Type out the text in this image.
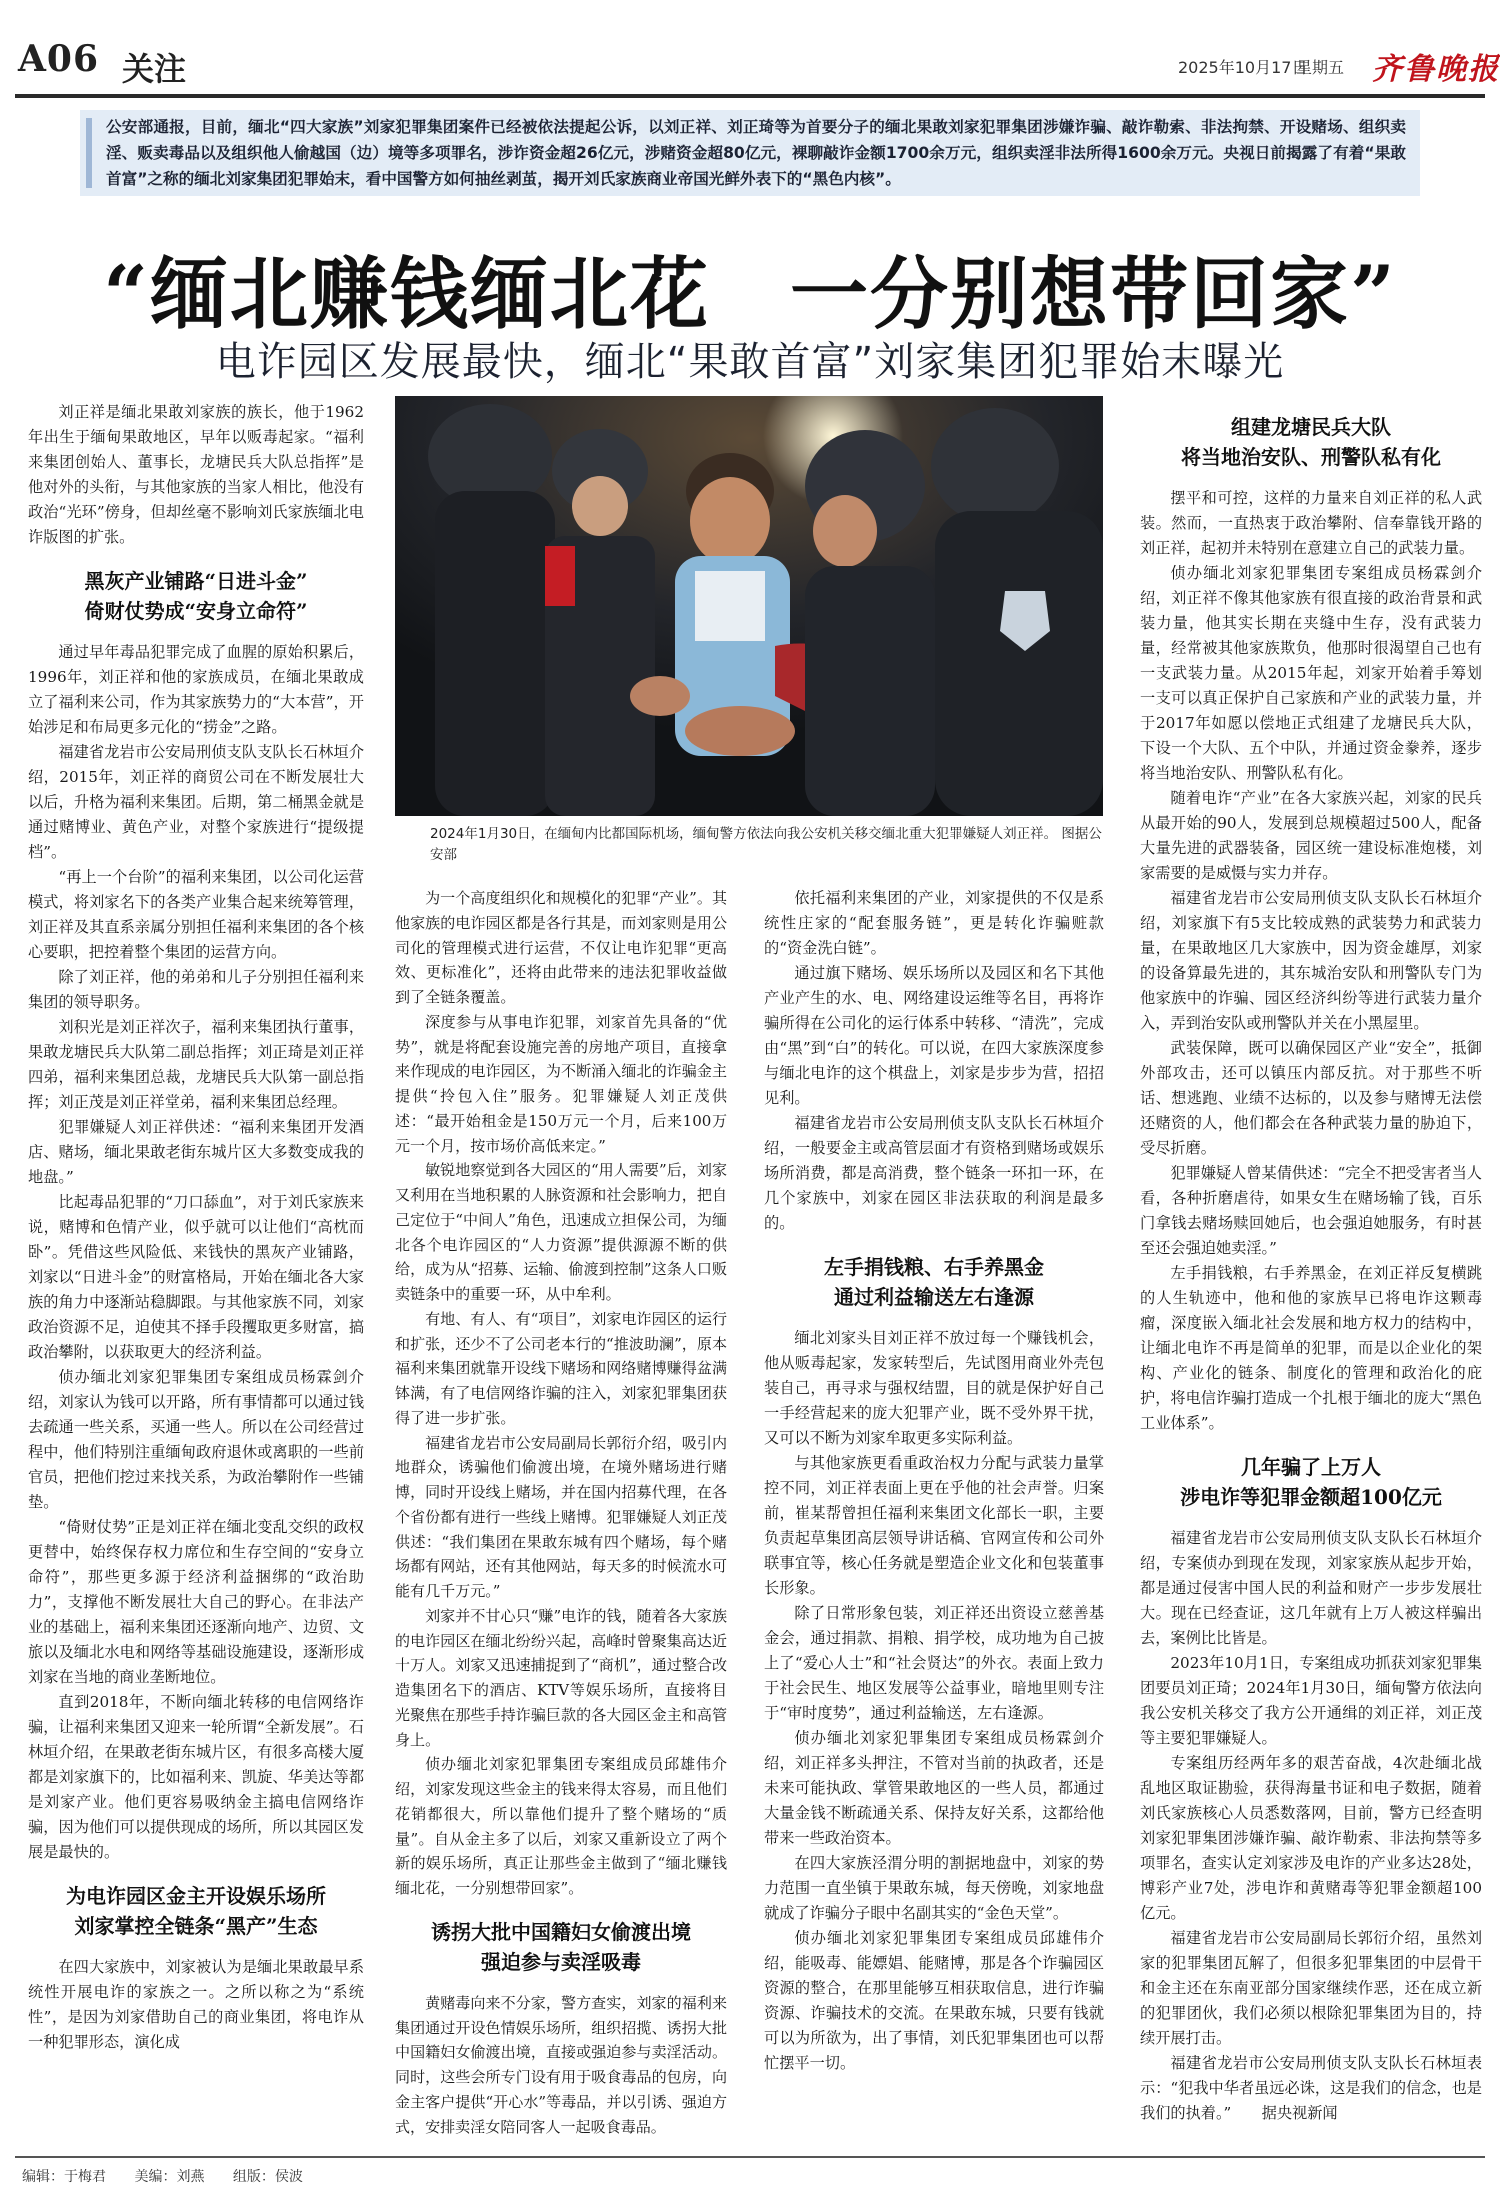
A06 关注	2025年10月17日
星期五 齐鲁晚报
公安部通报，目前，缅北“四大家族”刘家犯罪集团案件已经被依法提起公诉，以刘正祥、刘正琦等为首要分子的缅北果敢刘家犯罪集团涉嫌诈骗、敲诈勒索、非法拘禁、开设赌场、组织卖淫、贩卖毒品以及组织他人偷越国（边）境等多项罪名，涉诈资金超26亿元，涉赌资金超80亿元，裸聊敲诈金额1700余万元，组织卖淫非法所得1600余万元。央视日前揭露了有着“果敢首富”之称的缅北刘家集团犯罪始末，看中国警方如何抽丝剥茧，揭开刘氏家族商业帝国光鲜外表下的“黑色内核”。
“缅北赚钱缅北花　一分别想带回家”
电诈园区发展最快，缅北“果敢首富”刘家集团犯罪始末曝光
2024年1月30日，在缅甸内比都国际机场，缅甸警方依法向我公安机关移交缅北重大犯罪嫌疑人刘正祥。 图据公安部

刘正祥是缅北果敢刘家族的族长，他于1962年出生于缅甸果敢地区，早年以贩毒起家。“福利来集团创始人、董事长，龙塘民兵大队总指挥”是他对外的头衔，与其他家族的当家人相比，他没有政治“光环”傍身，但却丝毫不影响刘氏家族缅北电诈版图的扩张。

黑灰产业铺路“日进斗金”
倚财仗势成“安身立命符”

通过早年毒品犯罪完成了血腥的原始积累后，1996年，刘正祥和他的家族成员，在缅北果敢成立了福利来公司，作为其家族势力的“大本营”，开始涉足和布局更多元化的“捞金”之路。

福建省龙岩市公安局刑侦支队支队长石林垣介绍，2015年，刘正祥的商贸公司在不断发展壮大以后，升格为福利来集团。后期，第二桶黑金就是通过赌博业、黄色产业，对整个家族进行“提级提档”。

“再上一个台阶”的福利来集团，以公司化运营模式，将刘家名下的各类产业集合起来统筹管理，刘正祥及其直系亲属分别担任福利来集团的各个核心要职，把控着整个集团的运营方向。

除了刘正祥，他的弟弟和儿子分别担任福利来集团的领导职务。

刘积光是刘正祥次子，福利来集团执行董事，果敢龙塘民兵大队第二副总指挥；刘正琦是刘正祥四弟，福利来集团总裁，龙塘民兵大队第一副总指挥；刘正茂是刘正祥堂弟，福利来集团总经理。

犯罪嫌疑人刘正祥供述：“福利来集团开发酒店、赌场，缅北果敢老街东城片区大多数变成我的地盘。”

比起毒品犯罪的“刀口舔血”，对于刘氏家族来说，赌博和色情产业，似乎就可以让他们“高枕而卧”。凭借这些风险低、来钱快的黑灰产业铺路，刘家以“日进斗金”的财富格局，开始在缅北各大家族的角力中逐渐站稳脚跟。与其他家族不同，刘家政治资源不足，迫使其不择手段攫取更多财富，搞政治攀附，以获取更大的经济利益。

侦办缅北刘家犯罪集团专案组成员杨霖剑介绍，刘家认为钱可以开路，所有事情都可以通过钱去疏通一些关系，买通一些人。所以在公司经营过程中，他们特别注重缅甸政府退休或离职的一些前官员，把他们挖过来找关系，为政治攀附作一些铺垫。

“倚财仗势”正是刘正祥在缅北变乱交织的政权更替中，始终保存权力席位和生存空间的“安身立命符”，那些更多源于经济利益捆绑的“政治助力”，支撑他不断发展壮大自己的野心。在非法产业的基础上，福利来集团还逐渐向地产、边贸、文旅以及缅北水电和网络等基础设施建设，逐渐形成刘家在当地的商业垄断地位。

直到2018年，不断向缅北转移的电信网络诈骗，让福利来集团又迎来一轮所谓“全新发展”。石林垣介绍，在果敢老街东城片区，有很多高楼大厦都是刘家旗下的，比如福利来、凯旋、华美达等都是刘家产业。他们更容易吸纳金主搞电信网络诈骗，因为他们可以提供现成的场所，所以其园区发展是最快的。

为电诈园区金主开设娱乐场所
刘家掌控全链条“黑产”生态

在四大家族中，刘家被认为是缅北果敢最早系统性开展电诈的家族之一。之所以称之为“系统性”，是因为刘家借助自己的商业集团，将电诈从一种犯罪形态，演化成

为一个高度组织化和规模化的犯罪“产业”。其他家族的电诈园区都是各行其是，而刘家则是用公司化的管理模式进行运营，不仅让电诈犯罪“更高效、更标准化”，还将由此带来的违法犯罪收益做到了全链条覆盖。

深度参与从事电诈犯罪，刘家首先具备的“优势”，就是将配套设施完善的房地产项目，直接拿来作现成的电诈园区，为不断涌入缅北的诈骗金主提供“拎包入住”服务。犯罪嫌疑人刘正茂供述：“最开始租金是150万元一个月，后来100万元一个月，按市场价高低来定。”

敏锐地察觉到各大园区的“用人需要”后，刘家又利用在当地积累的人脉资源和社会影响力，把自己定位于“中间人”角色，迅速成立担保公司，为缅北各个电诈园区的“人力资源”提供源源不断的供给，成为从“招募、运输、偷渡到控制”这条人口贩卖链条中的重要一环，从中牟利。

有地、有人、有“项目”，刘家电诈园区的运行和扩张，还少不了公司老本行的“推波助澜”，原本福利来集团就靠开设线下赌场和网络赌博赚得盆满钵满，有了电信网络诈骗的注入，刘家犯罪集团获得了进一步扩张。

福建省龙岩市公安局副局长郭衍介绍，吸引内地群众，诱骗他们偷渡出境，在境外赌场进行赌博，同时开设线上赌场，并在国内招募代理，在各个省份都有进行一些线上赌博。犯罪嫌疑人刘正茂供述：“我们集团在果敢东城有四个赌场，每个赌场都有网站，还有其他网站，每天多的时候流水可能有几千万元。”

刘家并不甘心只“赚”电诈的钱，随着各大家族的电诈园区在缅北纷纷兴起，高峰时曾聚集高达近十万人。刘家又迅速捕捉到了“商机”，通过整合改造集团名下的酒店、KTV等娱乐场所，直接将目光聚焦在那些手持诈骗巨款的各大园区金主和高管身上。

侦办缅北刘家犯罪集团专案组成员邱雄伟介绍，刘家发现这些金主的钱来得太容易，而且他们花销都很大，所以靠他们提升了整个赌场的“质量”。自从金主多了以后，刘家又重新设立了两个新的娱乐场所，真正让那些金主做到了“缅北赚钱缅北花，一分别想带回家”。

诱拐大批中国籍妇女偷渡出境
强迫参与卖淫吸毒

黄赌毒向来不分家，警方查实，刘家的福利来集团通过开设色情娱乐场所，组织招揽、诱拐大批中国籍妇女偷渡出境，直接或强迫参与卖淫活动。同时，这些会所专门设有用于吸食毒品的包房，向金主客户提供“开心水”等毒品，并以引诱、强迫方式，安排卖淫女陪同客人一起吸食毒品。

依托福利来集团的产业，刘家提供的不仅是系统性庄家的“配套服务链”，更是转化诈骗赃款的“资金洗白链”。

通过旗下赌场、娱乐场所以及园区和名下其他产业产生的水、电、网络建设运维等名目，再将诈骗所得在公司化的运行体系中转移、“清洗”，完成由“黑”到“白”的转化。可以说，在四大家族深度参与缅北电诈的这个棋盘上，刘家是步步为营，招招见利。

福建省龙岩市公安局刑侦支队支队长石林垣介绍，一般要金主或高管层面才有资格到赌场或娱乐场所消费，都是高消费，整个链条一环扣一环，在几个家族中，刘家在园区非法获取的利润是最多的。

左手捐钱粮、右手养黑金
通过利益输送左右逢源

缅北刘家头目刘正祥不放过每一个赚钱机会，他从贩毒起家，发家转型后，先试图用商业外壳包装自己，再寻求与强权结盟，目的就是保护好自己一手经营起来的庞大犯罪产业，既不受外界干扰，又可以不断为刘家牟取更多实际利益。

与其他家族更看重政治权力分配与武装力量掌控不同，刘正祥表面上更在乎他的社会声誉。归案前，崔某帮曾担任福利来集团文化部长一职，主要负责起草集团高层领导讲话稿、官网宣传和公司外联事宜等，核心任务就是塑造企业文化和包装董事长形象。

除了日常形象包装，刘正祥还出资设立慈善基金会，通过捐款、捐粮、捐学校，成功地为自己披上了“爱心人士”和“社会贤达”的外衣。表面上致力于社会民生、地区发展等公益事业，暗地里则专注于“审时度势”，通过利益输送，左右逢源。

侦办缅北刘家犯罪集团专案组成员杨霖剑介绍，刘正祥多头押注，不管对当前的执政者，还是未来可能执政、掌管果敢地区的一些人员，都通过大量金钱不断疏通关系、保持友好关系，这都给他带来一些政治资本。

在四大家族泾渭分明的割据地盘中，刘家的势力范围一直坐镇于果敢东城，每天傍晚，刘家地盘就成了诈骗分子眼中名副其实的“金色天堂”。

侦办缅北刘家犯罪集团专案组成员邱雄伟介绍，能吸毒、能嫖娼、能赌博，那是各个诈骗园区资源的整合，在那里能够互相获取信息，进行诈骗资源、诈骗技术的交流。在果敢东城，只要有钱就可以为所欲为，出了事情，刘氏犯罪集团也可以帮忙摆平一切。

组建龙塘民兵大队
将当地治安队、刑警队私有化

摆平和可控，这样的力量来自刘正祥的私人武装。然而，一直热衷于政治攀附、信奉靠钱开路的刘正祥，起初并未特别在意建立自己的武装力量。

侦办缅北刘家犯罪集团专案组成员杨霖剑介绍，刘正祥不像其他家族有很直接的政治背景和武装力量，他其实长期在夹缝中生存，没有武装力量，经常被其他家族欺负，他那时很渴望自己也有一支武装力量。从2015年起，刘家开始着手筹划一支可以真正保护自己家族和产业的武装力量，并于2017年如愿以偿地正式组建了龙塘民兵大队，下设一个大队、五个中队，并通过资金豢养，逐步将当地治安队、刑警队私有化。

随着电诈“产业”在各大家族兴起，刘家的民兵从最开始的90人，发展到总规模超过500人，配备大量先进的武器装备，园区统一建设标准炮楼，刘家需要的是威慑与实力并存。

福建省龙岩市公安局刑侦支队支队长石林垣介绍，刘家旗下有5支比较成熟的武装势力和武装力量，在果敢地区几大家族中，因为资金雄厚，刘家的设备算最先进的，其东城治安队和刑警队专门为他家族中的诈骗、园区经济纠纷等进行武装力量介入，弄到治安队或刑警队并关在小黑屋里。

武装保障，既可以确保园区产业“安全”，抵御外部攻击，还可以镇压内部反抗。对于那些不听话、想逃跑、业绩不达标的，以及参与赌博无法偿还赌资的人，他们都会在各种武装力量的胁迫下，受尽折磨。

犯罪嫌疑人曾某倩供述：“完全不把受害者当人看，各种折磨虐待，如果女生在赌场输了钱，百乐门拿钱去赌场赎回她后，也会强迫她服务，有时甚至还会强迫她卖淫。”

左手捐钱粮，右手养黑金，在刘正祥反复横跳的人生轨迹中，他和他的家族早已将电诈这颗毒瘤，深度嵌入缅北社会发展和地方权力的结构中，让缅北电诈不再是简单的犯罪，而是以企业化的架构、产业化的链条、制度化的管理和政治化的庇护，将电信诈骗打造成一个扎根于缅北的庞大“黑色工业体系”。

几年骗了上万人
涉电诈等犯罪金额超100亿元

福建省龙岩市公安局刑侦支队支队长石林垣介绍，专案侦办到现在发现，刘家家族从起步开始，都是通过侵害中国人民的利益和财产一步步发展壮大。现在已经查证，这几年就有上万人被这样骗出去，案例比比皆是。

2023年10月1日，专案组成功抓获刘家犯罪集团要员刘正琦；2024年1月30日，缅甸警方依法向我公安机关移交了我方公开通缉的刘正祥，刘正茂等主要犯罪嫌疑人。

专案组历经两年多的艰苦奋战，4次赴缅北战乱地区取证勘验，获得海量书证和电子数据，随着刘氏家族核心人员悉数落网，目前，警方已经查明刘家犯罪集团涉嫌诈骗、敲诈勒索、非法拘禁等多项罪名，查实认定刘家涉及电诈的产业多达28处，博彩产业7处，涉电诈和黄赌毒等犯罪金额超100亿元。

福建省龙岩市公安局副局长郭衍介绍，虽然刘家的犯罪集团瓦解了，但很多犯罪集团的中层骨干和金主还在东南亚部分国家继续作恶，还在成立新的犯罪团伙，我们必须以根除犯罪集团为目的，持续开展打击。

福建省龙岩市公安局刑侦支队支队长石林垣表示：“犯我中华者虽远必诛，这是我们的信念，也是我们的执着。”　　据央视新闻

编辑：于梅君 美编：刘燕 组版：侯波
